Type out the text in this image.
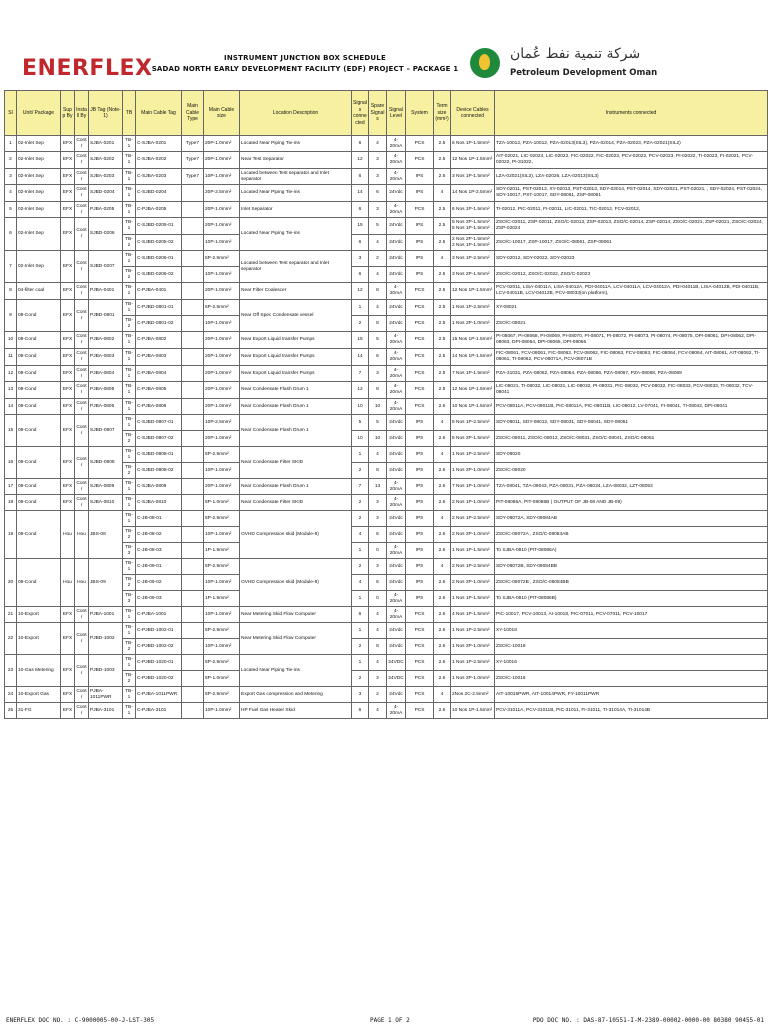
ENERFLEX	INSTRUMENT JUNCTION BOX SCHEDULE
SADAD NORTH EARLY DEVELOPMENT FACILITY (EDF) PROJECT – PACKAGE 1
شركة تنمية نفط عُمان
Petroleum Development Oman
Sl	Unit/ Package	Supp By	Install By	JB Tag (Note-1)	TB	Main Cable Tag	Main Cable Type	Main Cable size	Location Description	Signals connected	Spare Signals	Signal Level	System	Term size (mm²)	Device Cables connected	Instruments connected
1	02-Inlet Sep	EFX	Contr	SJBA-0201	TB-1	C-SJBA-0201	Type7	20P-1.0mm²	Located Near Piping Tie-ins	6	4	4-20mA	PCS	2.5	6 Nos 1P-1.5mm²	TZA-10012, PZA-10012, PZA-02013(SIL3), PZA-02014, PZA-02023, PZA-02021(SIL2)
2	02-Inlet Sep	EFX	Contr	SJBA-0202	TB-1	C-SJBA-0202	Type7	20P-1.0mm²	Near Test Separator	12	3	4-20mA	PCS	2.5	12 Nos 1P-1.5mm²	AIT-02021, LIC-02024, LIC-02022, FIC-02022, FIC-02023, PCV-02022, PCV-02023, PI-02022, TI-02023, FI-02021, PCV-02022, PI-31022,
3	02-Inlet Sep	EFX	Contr	SJBA-0203	TB-1	C-SJBA-0203	Type7	10P-1.0mm²	Located between Test separator and Inlet separator	6	3	4-20mA	IPS	2.5	3 Nos 1P-1.5mm²	LZA-02021(SIL3), LZA-02026, LZA-02013(SIL3)
4	02-Inlet Sep	EFX	Contr	SJBD-0204	TB-1	C-SJBD-0204		20P-2.5mm²	Located Near Piping Tie-ins	14	6	24Vdc	IPS	4	14 Nos 1P-2.5mm²	SDY-02011, PST-02013, XY-02013, PST-02013, SDY-02014, PST-02014, SDY-02021, PST-02021, , SDY-02024, PST-02024, SDY-10017, PST-10017, SDY-08061, ZSP-08061
5	02-Inlet Sep	EFX	Contr	PJBA-0205	TB-1	C-PJBA-0205		20P-1.0mm²	Inlet Separator	6	3	4-20mA	PCS	2.5	6 Nos 1P-1.5mm²	TI-02012, PIC-02011, FI-02011, LIC-02011, TIC-02012, FCV-02012,
6	02-Inlet Sep	EFX	Contr	SJBD-0206	TB-1	C-SJBD-0205-01		20P-1.0mm²	Located Near Piping Tie-ins	15	5	24Vdc	IPS	2.5	5 Nos 2P-1.5mm² 5 Nos 1P-1.5mm²	ZSO/C-02011, ZSP-02011, ZSO/C-02013, ZSP-02013, ZSO/C-02014, ZSP-02014, ZSO/C-02021, ZSP-02021, ZSO/C-02024, ZSP-02024
					TB-2	C-SJBD-0205-02		10P-1.0mm²		6	4	24Vdc	IPS	2.5	2 Nos 2P-1.5mm² 2 Nos 1P-1.5mm²	ZSO/C-10017, ZSP-10017, ZSO/C-08061, ZSP-08061
7	02-Inlet Sep	EFX	Contr	SJBD-0207	TB-1	C-SJBD-0206-01		5P-2.5mm²	Located between Test separator and Inlet separator	3	2	24Vdc	IPS	4	3 Nos 1P-2.5mm²	SDY-02012, SDY-02022, SDY-02023
					TB-2	C-SJBD-0206-02		10P-1.0mm²		6	4	24Vdc	IPS	2.5	3 Nos 2P-1.5mm²	ZSO/C-02012, ZSO/C-02022, ZSO/C-02023
8	04-filter coal	EFX	Contr	PJBA-0401	TB-1	C-PJBA-0401		20P-1.0mm²	Near Filter Coalescer	12	8	4-20mA	PCS	2.5	12 Nos 1P-1.5mm²	PCV-02011, LISA-04011A, LISA-04012A, PDI-04011A, LCV-04011A, LCV-04012A, PDI-04011B, LISA-04012B, PDI-04011B, LCV-04011B, LCV-04012B, PCV-08033(on platform),
9	08-Cond	EFX	Contr	PJBD-0801	TB-1	C-PJBD-0801-01		5P-2.5mm²	Near Off Spec Condensate vessel	1	4	24Vdc	PCS	2.5	1 Nos 1P-2.5mm²	XY-08021
					TB-2	C-PJBD-0801-02		10P-1.0mm²		2	8	24Vdc	PCS	2.5	1 Nos 2P-1.0mm²	ZSO/C-08021
10	08-Cond	EFX	Contr	PJBA-0802	TB-1	C-PJBA-0802		20P-1.0mm²	Near Export Liquid transfer Pumps	15	5	4-20mA	PCS	2.5	15 Nos 1P-1.5mm²	PI-08067, PI-08068, PI-08069, PI-08070, PI-08071, PI-08072, PI-08073, PI-08074, PI-08075, DPI-08061, DPI-08062, DPI-08063, DPI-08064, DPI-08065, DPI-08066
11	08-Cond	EFX	Contr	PJBA-0803	TB-1	C-PJBA-0803		20P-1.0mm²	Near Export Liquid transfer Pumps	14	6	4-20mA	PCS	2.5	14 Nos 1P-1.5mm²	FIC-08061, FCV-08061, FIC-08062, FCV-08062, FIC-08063, FCV-08063, FIC-08064, FCV-08064, AIT-08061, AIT-08062, TI-08061, TI-08062, PCV-08071A, PCV-08071B
12	08-Cond	EFX	Contr	PJBA-0804	TB-1	C-PJBA-0804		20P-1.0mm²	Near Export Liquid transfer Pumps	7	3	4-20mA	PCS	2.5	7 Nos 1P-1.5mm²	PZA-31031, PZA-08062, PZA-08064, PZA-08066, PZA-08067, PZA-08068, PZA-08069
13	08-Cond	EFX	Contr	PJBA-0805	TB-1	C-PJBA-0805		20P-1.0mm²	Near Condensate Flash Drum 1	12	8	4-20mA	PCS	2.5	12 Nos 1P-1.5mm²	LIC-08021, TI-08032, LIC-08031, LIC-08032, PI-08031, PIC-08032, PCV-08032, FIC-08033, PCV-08033, TI-08032, TCV-08041
14	08-Cond	EFX	Contr	PJBA-0806	TB-1	C-PJBA-0806		20P-1.0mm²	Near Condensate Flash Drum 1	10	10	4-20mA	PCS	2.5	10 Nos 1P-1.5mm²	PCV-08011A, PCV-08011B, PIC-08011A, PIC-08011B, LIC-08012, LV-07041, FI-08041, TI-08042, DPI-08041
15	08-Cond	EFX	Contr	SJBD-0807	TB-1	C-SJBD-0807-01		10P-2.5mm²	Near Condensate Flash Drum 1	5	5	24Vdc	IPS	4	5 Nos 1P-2.5mm²	SDY-08011, SDY-08012, SDY-08031, SDY-08041, SDY-08051
					TB-2	C-SJBD-0807-02		20P-1.0mm²		10	10	24Vdc	IPS	2.5	5 Nos 2P-1.5mm²	ZSO/C-08011, ZSO/C-08012, ZSO/C-08031, ZSO/C-08041, ZSO/C-08051
16	08-Cond	EFX	Contr	SJBD-0808	TB-1	C-SJBD-0808-01		5P-2.5mm²	Near Condensate Filter SKID	1	4	24Vdc	IPS	4	1 Nos 1P-2.5mm²	SDY-08020
					TB-2	C-SJBD-0808-02		10P-1.0mm²		2	8	24Vdc	IPS	2.5	1 Nos 2P-1.0mm²	ZSO/C-08020
17	08-Cond	EFX	Contr	SJBA-0809	TB-1	C-SJBA-0809		20P-1.0mm²	Near Condensate Flash Drum 1	7	13	4-20mA	IPS	2.5	7 Nos 1P-1.0mm²	TZA-08041, TZA-08043, PZA-08031, PZA-08034, LZA-08032, LZT-08053
18	08-Cond	EFX	Contr	SJBA-0810	TB-1	C-SJBA-0810		5P-1.0mm²	Near Condensate Filter SKID	2	3	4-20mA	IPS	2.5	2 Nos 1P-1.0mm²	PIT-08086A, PIT-08086B ( OUTPUT OF JB-08 AND JB-09)
19	08-Cond	Hou	Hou	JBS-08	TB-1	C-JB-08-01		5P-2.5mm²	OVHD Compression skid (Module-8)	2	3	24Vdc	IPS	4	2 Nos 1P-2.5mm²	SDY-08072A, SDY-08084AB
					TB-2	C-JB-08-02		10P-1.0mm²		4	6	24Vdc	IPS	2.5	2 Nos 2P-1.0mm²	ZSO/C-08072A , ZSO/C-08084AB
					TB-3	C-JB-08-03		1P-1.5mm²		1	0	4-20mA	IPS	2.5	1 Nos 1P-1.5mm²	To SJBA-0810 (PIT-08086A)
20	08-Cond	Hou	Hou	JBS-09	TB-1	C-JB-09-01		5P-2.5mm²	OVHD Compression skid (Module-8)	2	3	24Vdc	IPS	4	2 Nos 1P-2.5mm²	SDY-08072B, SDY-08084BB
					TB-2	C-JB-09-02		10P-1.0mm²		4	6	24Vdc	IPS	2.5	2 Nos 2P-1.0mm²	ZSO/C-08072B , ZSO/C-08084BB
					TB-3	C-JB-09-03		1P-1.5mm²		1	0	4-20mA	IPS	2.5	1 Nos 1P-1.5mm²	To SJBA-0810 (PIT-08086B)
21	10-Export	EFX	Contr	PJBA-1001	TB-1	C-PJBA-1001		10P-1.0mm²	Near Metering Skid Flow Computer	6	4	4-20mA	PCS	2.5	4 Nos 1P-1.5mm²	PIC-10017, PCV-10013, AI-10018, PIC-07011, PCV-07011, PCV-10017
22	10-Export	EFX	Contr	PJBD-1002	TB-1	C-PJBD-1002-01		5P-2.5mm²	Near Metering Skid Flow Computer	1	4	24Vdc	PCS	2.5	1 Nos 1P-2.5mm²	XY-10018
					TB-2	C-PJBD-1002-02		10P-1.0mm²		2	8	24Vdc	PCS	2.5	1 Nos 2P-1.0mm²	ZSO/C-10018
23	10-Gas Metering	EFX	Contr	PJBD-1003	TB-1	C-PJBD-1020-01		5P-2.5mm²	Located Near Piping Tie-ins	1	4	24VDC	PCS	2.5	1 Nos 1P-2.5mm²	XY-10016
					TB-2	C-PJBD-1020-02		5P-1.0mm²		2	3	24VDC	PCS	2.5	1 Nos 2P-1.0mm²	ZSO/C-10016
24	10-Export Gas	EFX	Contr	PJBA-1011PWR	TB-1	C-PJBA-1011PWR		5P-2.5mm²	Export Gas compression and Metering	3	2	24Vdc	PCS	4	2Nos 2C-2.5mm²	AIT-10015PWR, AIT-10014PWR, FY-10011PWR
25	31-FG	EFX	Contr	PJBA-3101	TB-1	C-PJBA-3101		10P-1.0mm²	HP Fuel Gas Heater Skid	6	4	4-20mA	PCS	2.5	10 Nos 1P-1.5mm²	PCV-31011A, PCV-31011B, PIC-31011, FI-31011, TI-31014A, TI-31014B
ENERFLEX DOC NO. : C-9000005-00-J-LST-305	PAGE 1 OF 2	PDO DOC NO. : DAS-87-10551-I-M-2389-00002-0000-00 80380 90455-01
